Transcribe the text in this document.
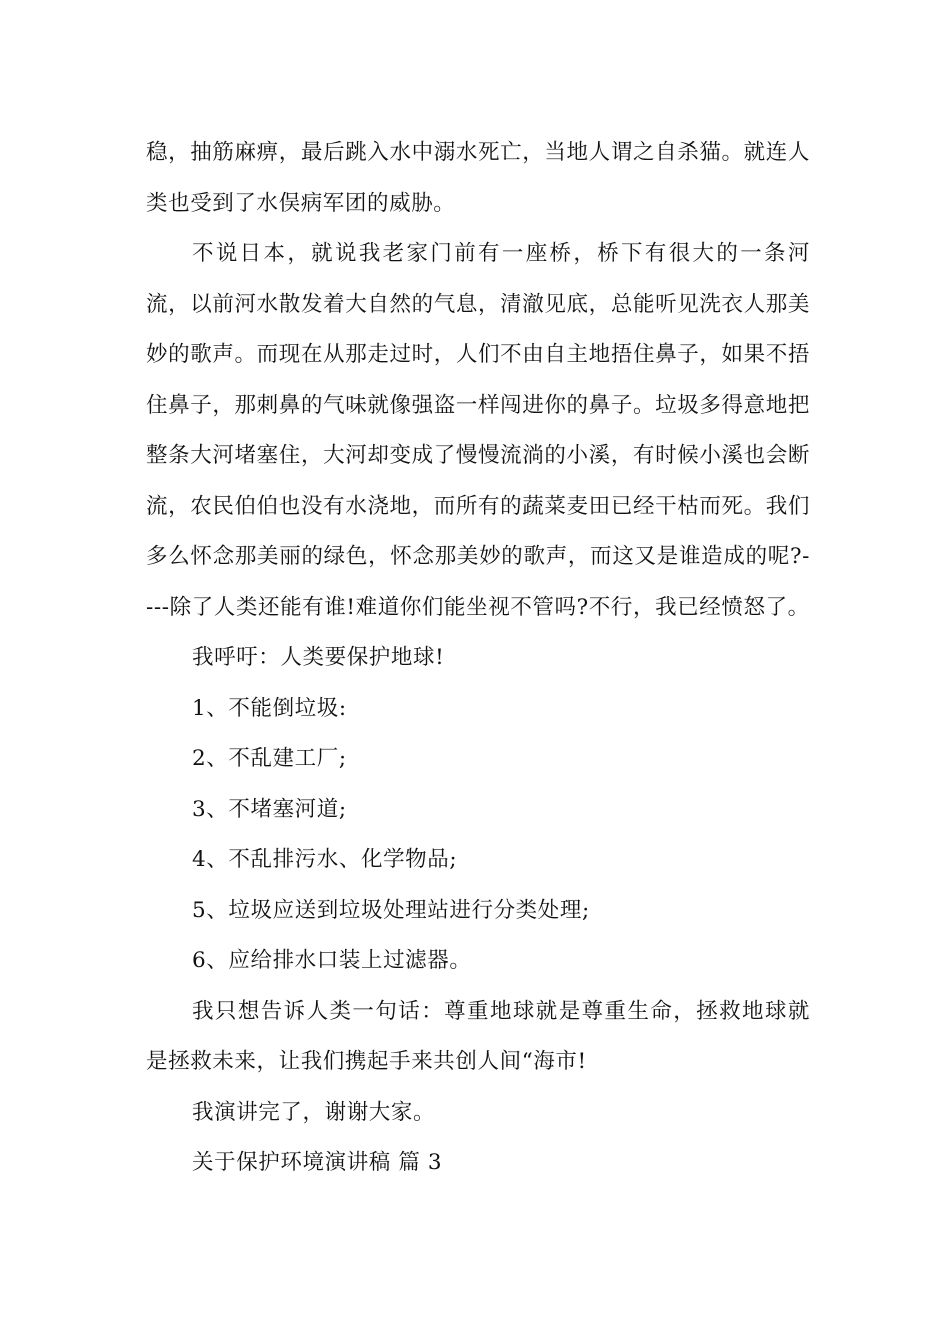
稳，抽筋麻痹，最后跳入水中溺水死亡，当地人谓之自杀猫。就连人类也受到了水俣病军团的威胁。

不说日本，就说我老家门前有一座桥，桥下有很大的一条河流，以前河水散发着大自然的气息，清澈见底，总能听见洗衣人那美妙的歌声。而现在从那走过时，人们不由自主地捂住鼻子，如果不捂住鼻子，那刺鼻的气味就像强盗一样闯进你的鼻子。垃圾多得意地把整条大河堵塞住，大河却变成了慢慢流淌的小溪，有时候小溪也会断流，农民伯伯也没有水浇地，而所有的蔬菜麦田已经干枯而死。我们多么怀念那美丽的绿色，怀念那美妙的歌声，而这又是谁造成的呢?----除了人类还能有谁!难道你们能坐视不管吗?不行，我已经愤怒了。

我呼吁：人类要保护地球!

1、不能倒垃圾:

2、不乱建工厂;

3、不堵塞河道;

4、不乱排污水、化学物品;

5、垃圾应送到垃圾处理站进行分类处理;

6、应给排水口装上过滤器。

我只想告诉人类一句话：尊重地球就是尊重生命，拯救地球就是拯救未来，让我们携起手来共创人间“海市!

我演讲完了，谢谢大家。

关于保护环境演讲稿 篇 3
